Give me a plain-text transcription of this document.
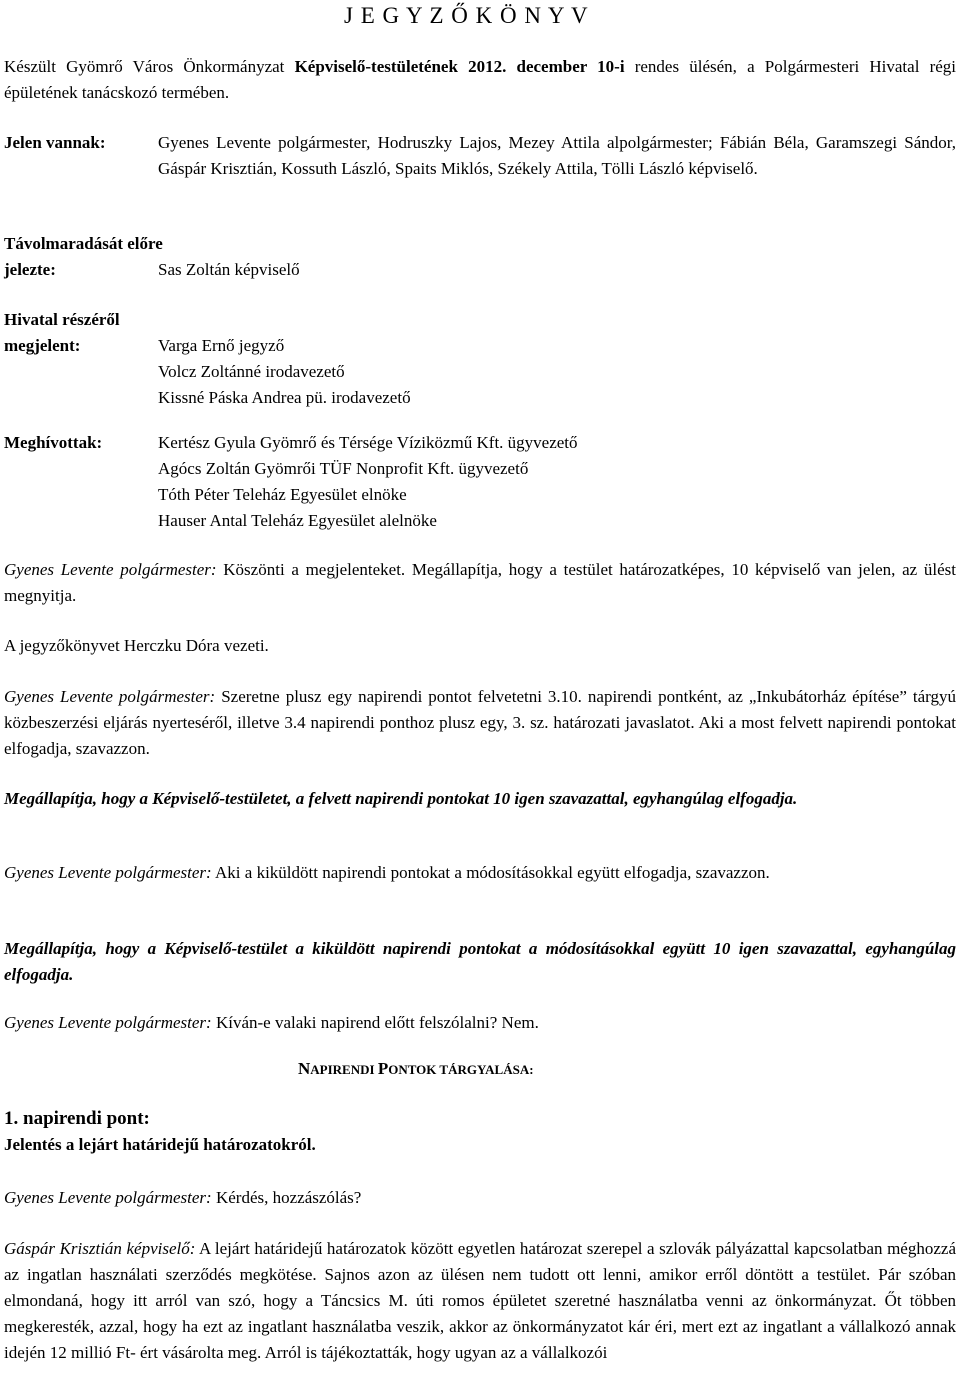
J E G Y Z Ő K Ö N Y V
Készült Gyömrő Város Önkormányzat Képviselő-testületének 2012. december 10-i rendes ülésén, a Polgármesteri Hivatal régi épületének tanácskozó termében.
Jelen vannak:	Gyenes Levente polgármester, Hodruszky Lajos, Mezey Attila alpolgármester; Fábián Béla, Garamszegi Sándor, Gáspár Krisztián, Kossuth László, Spaits Miklós, Székely Attila, Tölli László képviselő.
Távolmaradását előre
jelezte:	Sas Zoltán képviselő
Hivatal részéről
megjelent:	Varga Ernő jegyző
Volcz Zoltánné irodavezető
Kissné Páska Andrea pü. irodavezető
Meghívottak:	Kertész Gyula Gyömrő és Térsége Víziközmű Kft. ügyvezető
Agócs Zoltán Gyömrői TÜF Nonprofit Kft. ügyvezető
Tóth Péter Teleház Egyesület elnöke
Hauser Antal Teleház Egyesület alelnöke
Gyenes Levente polgármester: Köszönti a megjelenteket. Megállapítja, hogy a testület határozatképes, 10 képviselő van jelen, az ülést megnyitja.
A jegyzőkönyvet Herczku Dóra vezeti.
Gyenes Levente polgármester: Szeretne plusz egy napirendi pontot felvetetni 3.10. napirendi pontként, az „Inkubátorház építése” tárgyú közbeszerzési eljárás nyerteséről, illetve 3.4 napirendi ponthoz plusz egy, 3. sz. határozati javaslatot. Aki a most felvett napirendi pontokat elfogadja, szavazzon.
Megállapítja, hogy a Képviselő-testületet, a felvett napirendi pontokat 10 igen szavazattal, egyhangúlag elfogadja.
Gyenes Levente polgármester: Aki a kiküldött napirendi pontokat a módosításokkal együtt elfogadja, szavazzon.
Megállapítja, hogy a Képviselő-testület a kiküldött napirendi pontokat a módosításokkal együtt 10 igen szavazattal, egyhangúlag elfogadja.
Gyenes Levente polgármester: Kíván-e valaki napirend előtt felszólalni? Nem.
NAPIRENDI PONTOK TÁRGYALÁSA:
1. napirendi pont:
Jelentés a lejárt határidejű határozatokról.
Gyenes Levente polgármester: Kérdés, hozzászólás?
Gáspár Krisztián képviselő: A lejárt határidejű határozatok között egyetlen határozat szerepel a szlovák pályázattal kapcsolatban méghozzá az ingatlan használati szerződés megkötése. Sajnos azon az ülésen nem tudott ott lenni, amikor erről döntött a testület. Pár szóban elmondaná, hogy itt arról van szó, hogy a Táncsics M. úti romos épületet szeretné használatba venni az önkormányzat. Őt többen megkeresték, azzal, hogy ha ezt az ingatlant használatba veszik, akkor az önkormányzatot kár éri, mert ezt az ingatlant a vállalkozó annak idején 12 millió Ft- ért vásárolta meg. Arról is tájékoztatták, hogy ugyan az a vállalkozói
